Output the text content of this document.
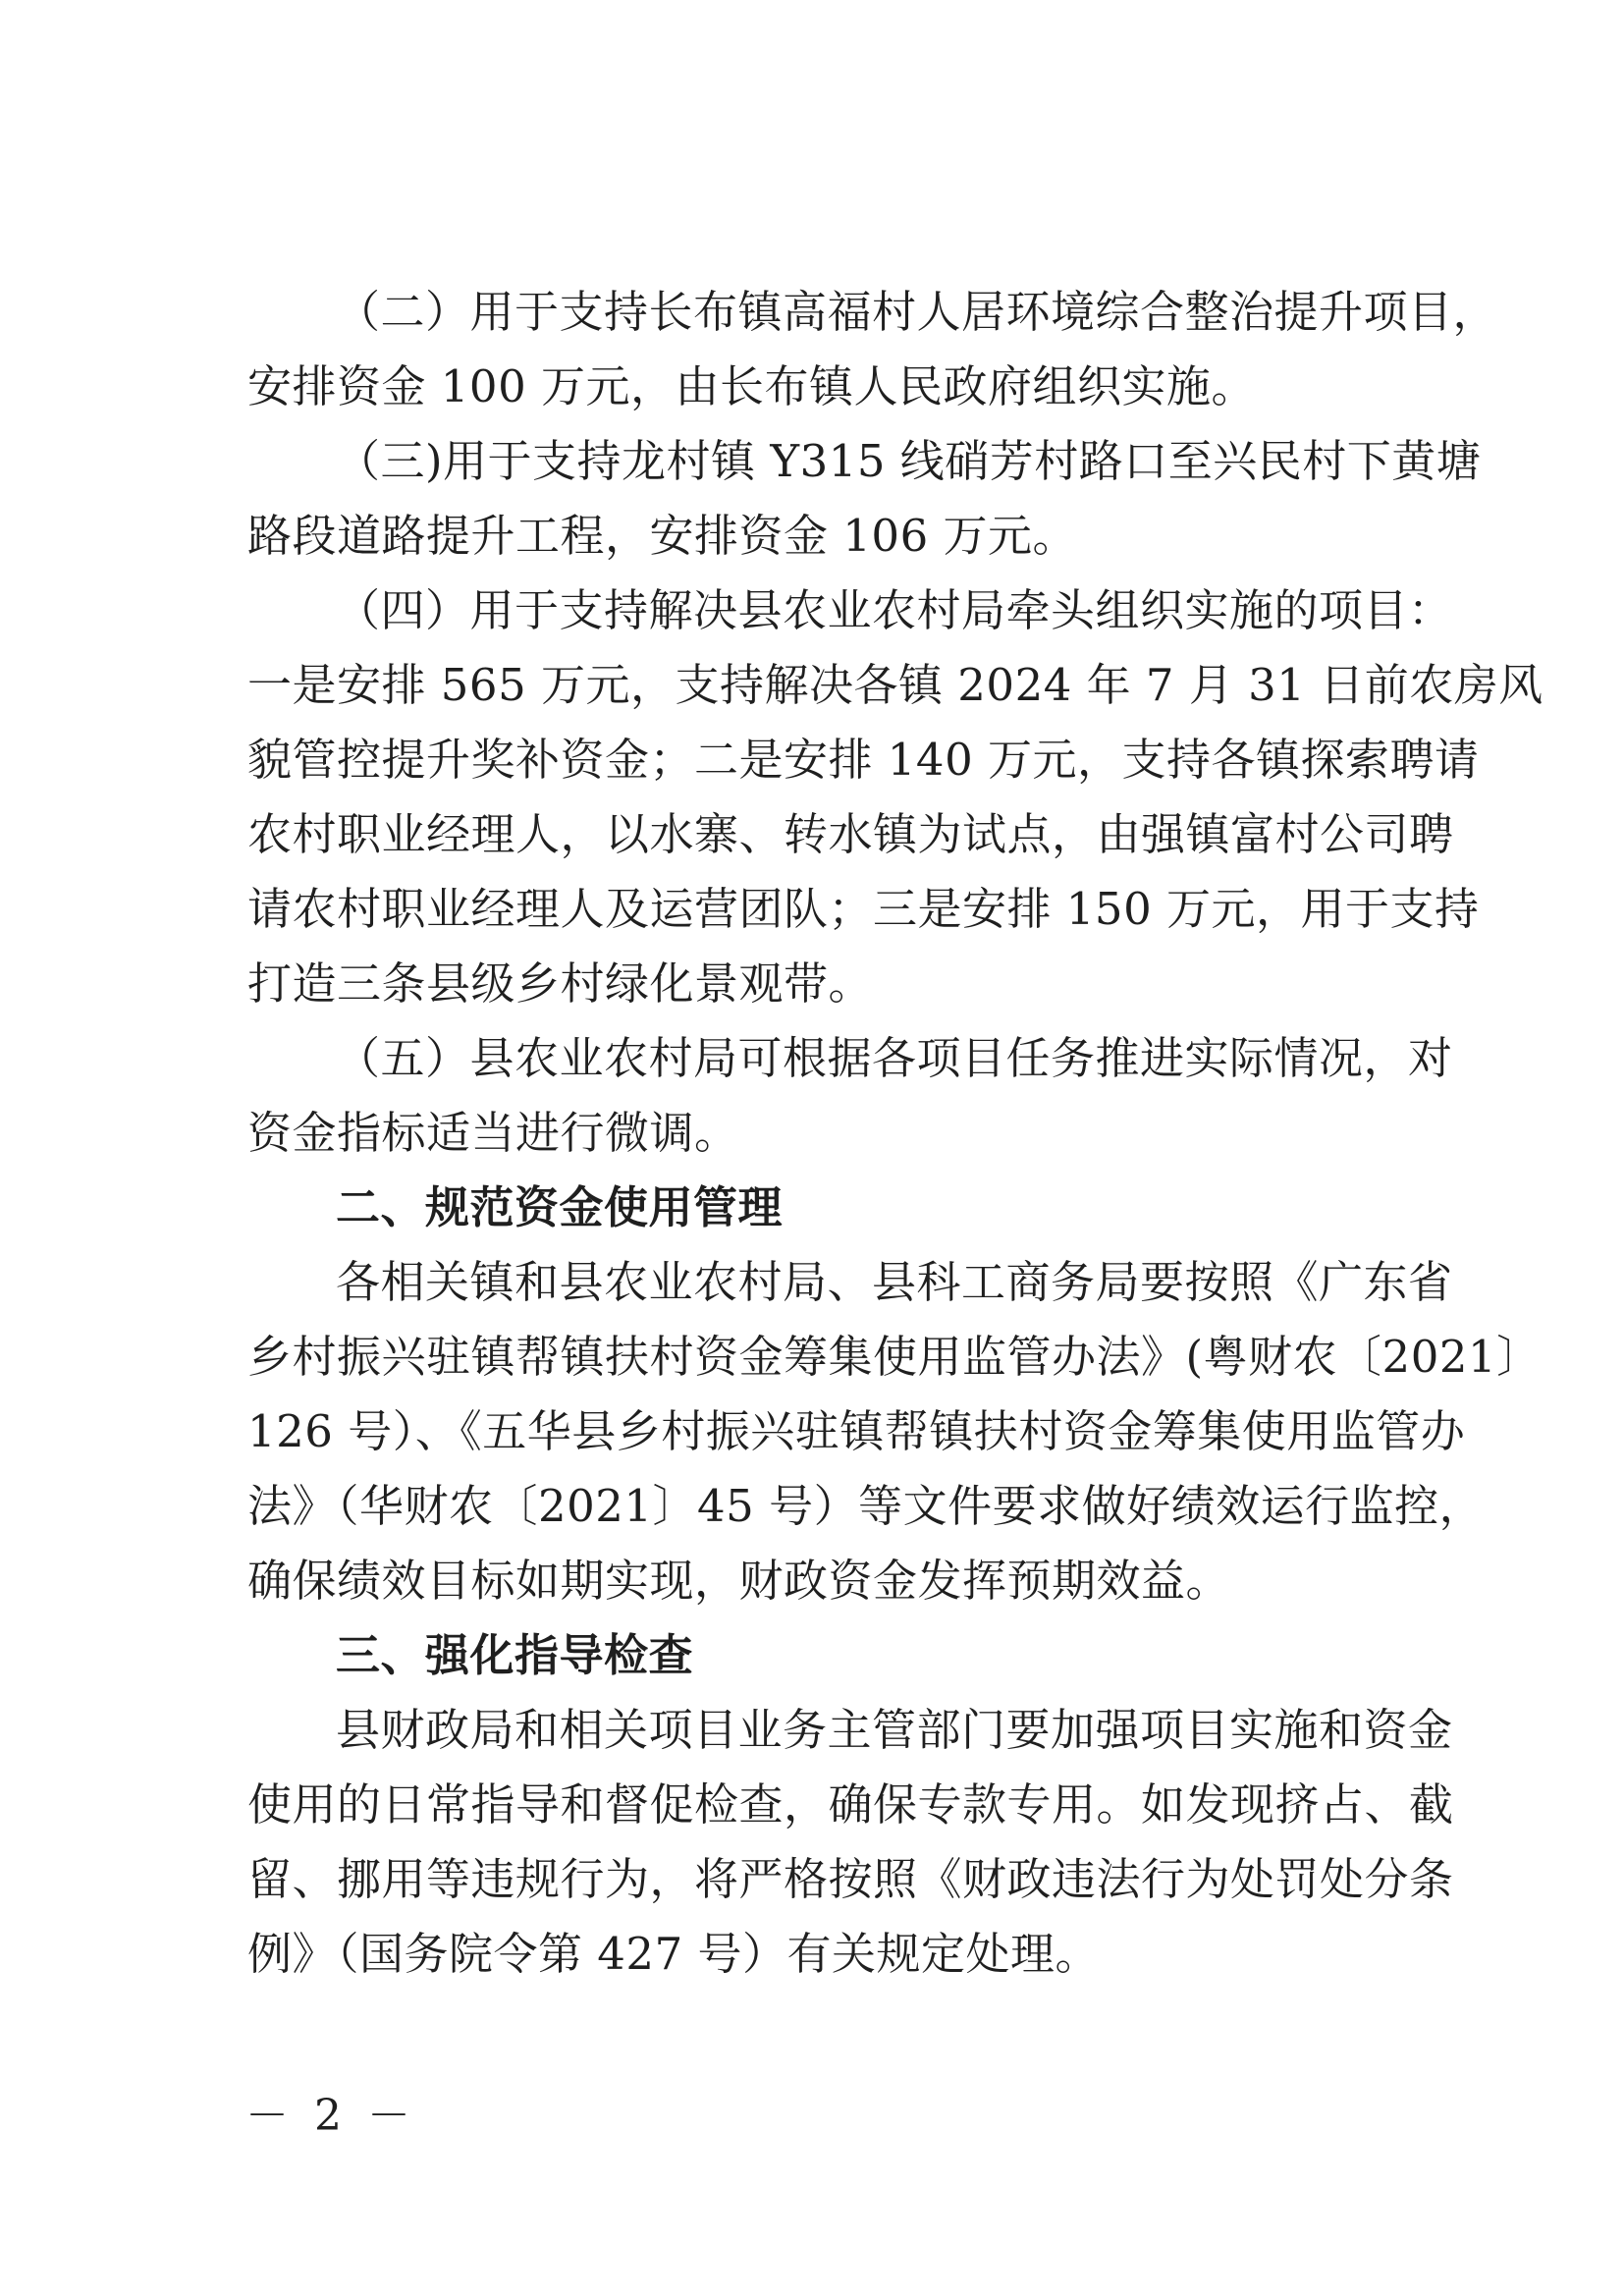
（二）用于支持长布镇高福村人居环境综合整治提升项目，
安排资金 100 万元，由长布镇人民政府组织实施。
（三)用于支持龙村镇 Y315 线硝芳村路口至兴民村下黄塘
路段道路提升工程，安排资金 106 万元。
（四）用于支持解决县农业农村局牵头组织实施的项目：
一是安排 565 万元，支持解决各镇 2024 年 7 月 31 日前农房风
貌管控提升奖补资金；二是安排 140 万元，支持各镇探索聘请
农村职业经理人，以水寨、转水镇为试点，由强镇富村公司聘
请农村职业经理人及运营团队；三是安排 150 万元，用于支持
打造三条县级乡村绿化景观带。
（五）县农业农村局可根据各项目任务推进实际情况，对
资金指标适当进行微调。
二、规范资金使用管理
各相关镇和县农业农村局、县科工商务局要按照《广东省
乡村振兴驻镇帮镇扶村资金筹集使用监管办法》(粤财农〔2021〕
126 号）、《五华县乡村振兴驻镇帮镇扶村资金筹集使用监管办
法》（华财农〔2021〕45 号）等文件要求做好绩效运行监控，
确保绩效目标如期实现，财政资金发挥预期效益。
三、强化指导检查
县财政局和相关项目业务主管部门要加强项目实施和资金
使用的日常指导和督促检查，确保专款专用。如发现挤占、截
留、挪用等违规行为，将严格按照《财政违法行为处罚处分条
例》（国务院令第 427 号）有关规定处理。
－ 2 －
